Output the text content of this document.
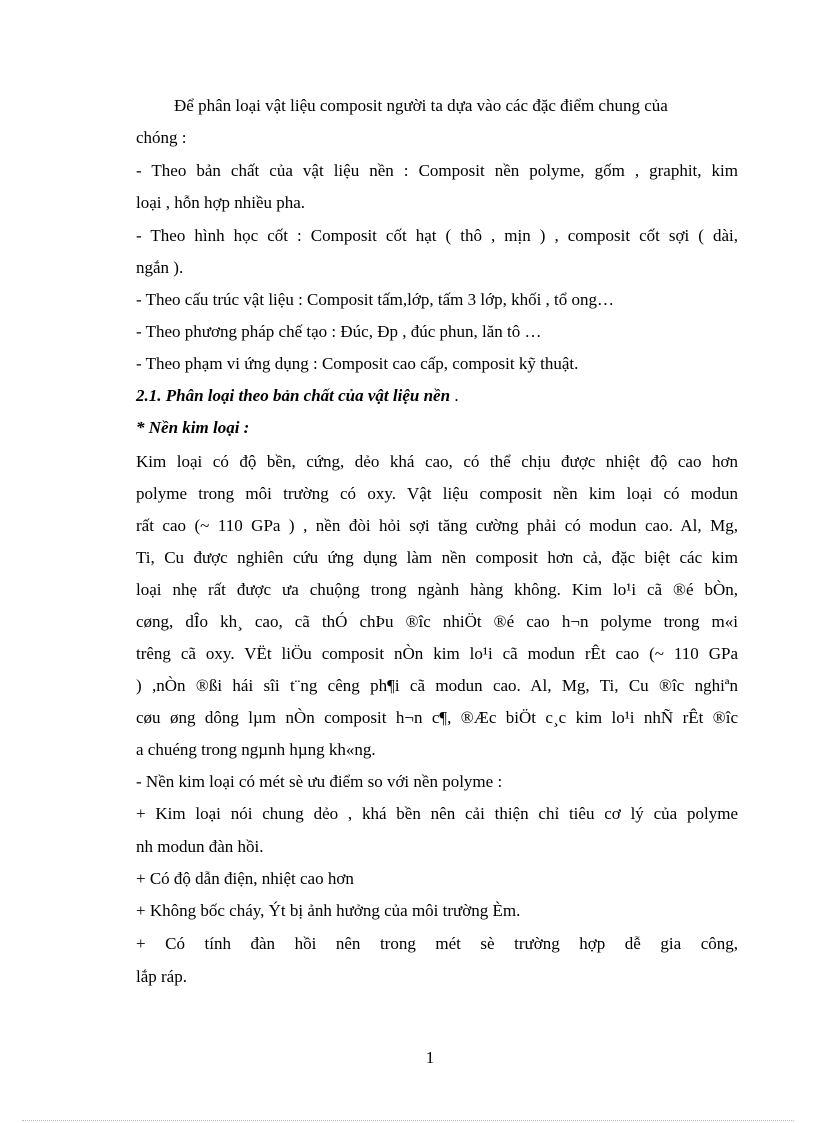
Để phân loại vật liệu composit người ta dựa vào các đặc điểm chung của
chóng :
- Theo bản chất của vật liệu nền : Composit nền polyme, gốm , graphit, kim
loại , hỗn hợp nhiều pha.
- Theo hình học cốt : Composit cốt hạt ( thô , mịn ) , composit cốt sợi ( dài,
ngắn ).
- Theo cấu trúc vật liệu : Composit tấm,lớp, tấm 3 lớp, khối , tổ ong…
- Theo phương pháp chế tạo : Đúc, Đp , đúc phun, lăn tô …
- Theo phạm vi ứng dụng : Composit cao cấp, composit kỹ thuật.
2.1. Phân loại theo bản chất của vật liệu nền .
* Nền kim loại :
Kim loại có độ bền, cứng, dẻo khá cao, có thể chịu được nhiệt độ cao hơn
polyme trong môi trường có oxy. Vật liệu composit nền kim loại có modun
rất cao (~ 110 GPa ) , nền đòi hỏi sợi tăng cường phải có modun cao. Al, Mg,
Ti, Cu được nghiên cứu ứng dụng làm nền composit hơn cả, đặc biệt các kim
loại nhẹ rất được ưa chuộng trong ngành hàng không. Kim lo¹i cã ®é bÒn,
cøng, dÎo kh¸ cao, cã thÓ chÞu ®îc nhiÖt ®é cao h¬n polyme trong m«i
trêng cã oxy. VËt liÖu composit nÒn kim lo¹i cã modun rÊt cao (~ 110 GPa
) ,nÒn ®ßi hái sîi t¨ng cêng ph¶i cã modun cao. Al, Mg, Ti, Cu ®îc nghiªn
cøu øng dông lµm nÒn composit h¬n c¶, ®Æc biÖt c¸c kim lo¹i nhÑ rÊt ®îc
a chuéng trong ngµnh hµng kh«ng.
- Nền kim loại có mét sè ưu điểm so với nền polyme :
+ Kim loại nói chung dẻo , khá bền nên cải thiện chỉ tiêu cơ lý của polyme
nh modun đàn hồi.
+ Có độ dẫn điện, nhiệt cao hơn
+ Không bốc cháy, Ýt bị ảnh hưởng của môi trường Èm.
+ Có tính đàn hồi nên trong mét sè trường hợp dễ gia công,
lắp ráp.
1
